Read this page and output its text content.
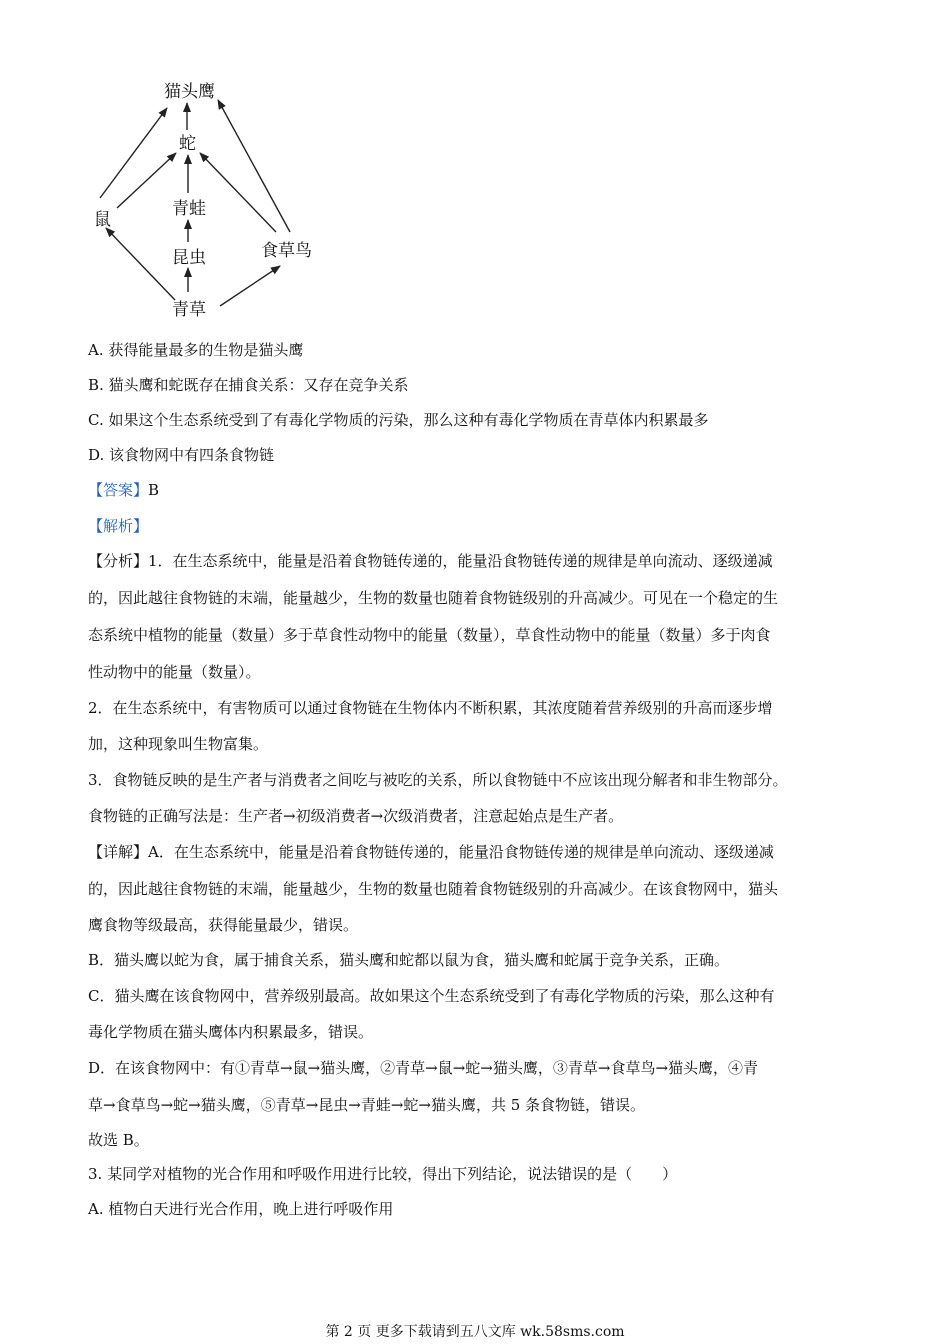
猫头鹰
蛇
青蛙
昆虫
鼠
食草鸟
青草
A. 获得能量最多的生物是猫头鹰
B. 猫头鹰和蛇既存在捕食关系：又存在竞争关系
C. 如果这个生态系统受到了有毒化学物质的污染，那么这种有毒化学物质在青草体内积累最多
D. 该食物网中有四条食物链
【答案】B
【解析】
【分析】1．在生态系统中，能量是沿着食物链传递的，能量沿食物链传递的规律是单向流动、逐级递减
的，因此越往食物链的末端，能量越少，生物的数量也随着食物链级别的升高减少。可见在一个稳定的生
态系统中植物的能量（数量）多于草食性动物中的能量（数量），草食性动物中的能量（数量）多于肉食
性动物中的能量（数量）。
2．在生态系统中，有害物质可以通过食物链在生物体内不断积累，其浓度随着营养级别的升高而逐步增
加，这种现象叫生物富集。
3．食物链反映的是生产者与消费者之间吃与被吃的关系，所以食物链中不应该出现分解者和非生物部分。
食物链的正确写法是：生产者→初级消费者→次级消费者，注意起始点是生产者。
【详解】A．在生态系统中，能量是沿着食物链传递的，能量沿食物链传递的规律是单向流动、逐级递减
的，因此越往食物链的末端，能量越少，生物的数量也随着食物链级别的升高减少。在该食物网中，猫头
鹰食物等级最高，获得能量最少，错误。
B．猫头鹰以蛇为食，属于捕食关系，猫头鹰和蛇都以鼠为食，猫头鹰和蛇属于竞争关系，正确。
C．猫头鹰在该食物网中，营养级别最高。故如果这个生态系统受到了有毒化学物质的污染，那么这种有
毒化学物质在猫头鹰体内积累最多，错误。
D．在该食物网中：有①青草→鼠→猫头鹰，②青草→鼠→蛇→猫头鹰，③青草→食草鸟→猫头鹰，④青
草→食草鸟→蛇→猫头鹰，⑤青草→昆虫→青蛙→蛇→猫头鹰，共 5 条食物链，错误。
故选 B。
3. 某同学对植物的光合作用和呼吸作用进行比较，得出下列结论，说法错误的是（　　）
A. 植物白天进行光合作用，晚上进行呼吸作用
第 2 页 更多下载请到五八文库 wk.58sms.com
